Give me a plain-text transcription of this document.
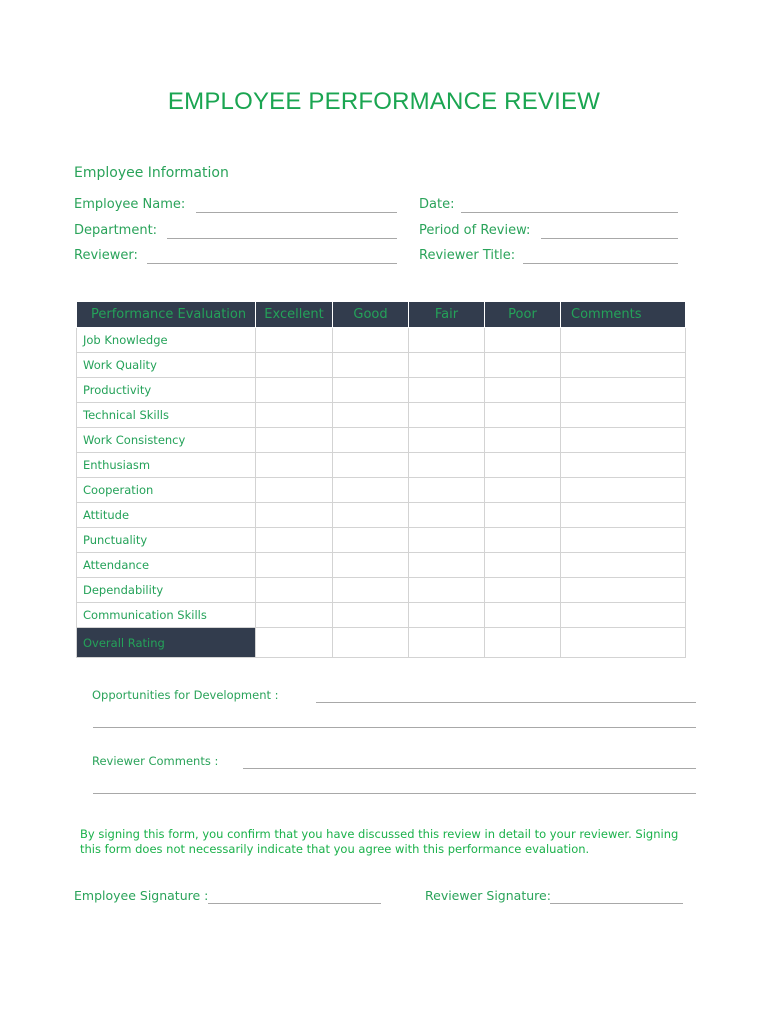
EMPLOYEE PERFORMANCE REVIEW
Employee Information
Employee Name:	Date:
Department:	Period of Review:
Reviewer:	Reviewer Title:
Performance Evaluation	Excellent	Good	Fair	Poor	Comments
Job Knowledge					
Work Quality					
Productivity					
Technical Skills					
Work Consistency					
Enthusiasm					
Cooperation					
Attitude					
Punctuality					
Attendance					
Dependability					
Communication Skills					
Overall Rating					
Opportunities for Development :
Reviewer Comments :
By signing this form, you confirm that you have discussed this review in detail to your reviewer. Signing this form does not necessarily indicate that you agree with this performance evaluation.
Employee Signature :	Reviewer Signature:
